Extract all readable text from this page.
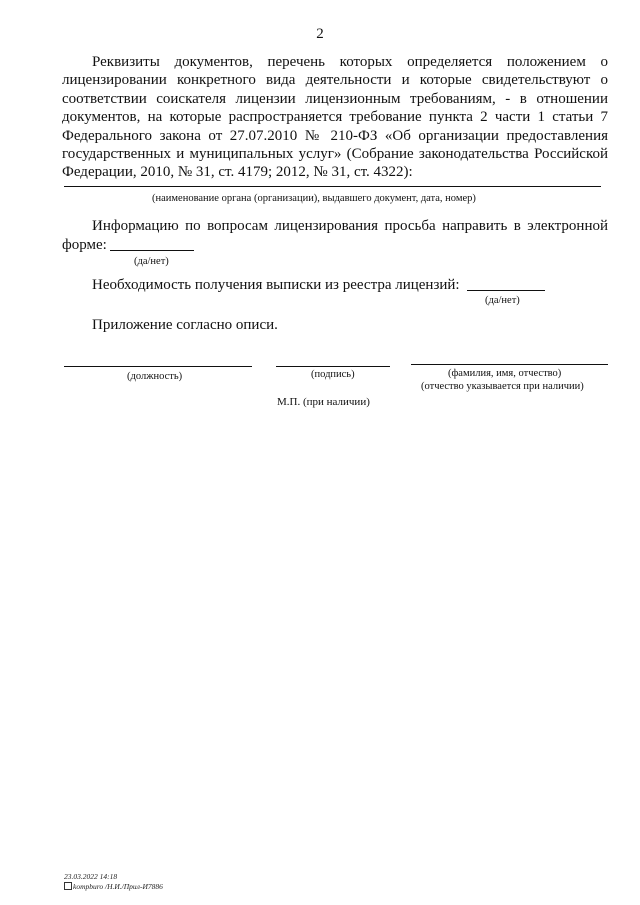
2
Реквизиты документов, перечень которых определяется положением о лицензировании конкретного вида деятельности и которые свидетельствуют о соответствии соискателя лицензии лицензионным требованиям, - в отношении документов, на которые распространяется требование пункта 2 части 1 статьи 7 Федерального закона от 27.07.2010 № 210-ФЗ «Об организации предоставления государственных и муниципальных услуг» (Собрание законодательства Российской Федерации, 2010, № 31, ст. 4179; 2012, № 31, ст. 4322):
(наименование органа (организации), выдавшего документ, дата, номер)
Информацию по вопросам лицензирования просьба направить в электронной
форме:
(да/нет)
Необходимость получения выписки из реестра лицензий:
(да/нет)
Приложение согласно описи.
(должность)	(подпись)	(фамилия, имя, отчество)
(отчество указывается при наличии)
М.П. (при наличии)
23.03.2022 14:18
kompburo /Н.И./Прил-И7886
